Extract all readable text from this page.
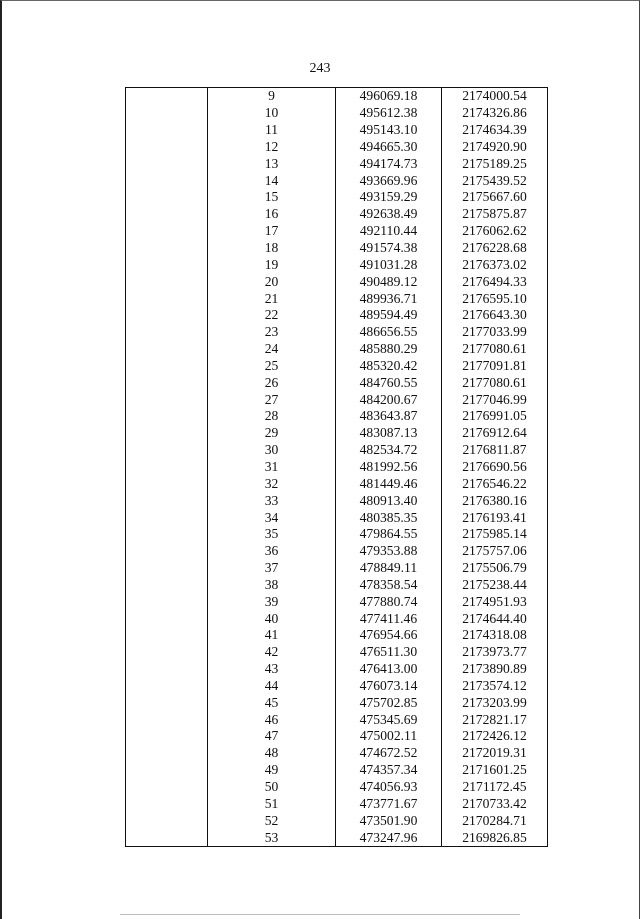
243
	9	496069.18	2174000.54
	10	495612.38	2174326.86
	11	495143.10	2174634.39
	12	494665.30	2174920.90
	13	494174.73	2175189.25
	14	493669.96	2175439.52
	15	493159.29	2175667.60
	16	492638.49	2175875.87
	17	492110.44	2176062.62
	18	491574.38	2176228.68
	19	491031.28	2176373.02
	20	490489.12	2176494.33
	21	489936.71	2176595.10
	22	489594.49	2176643.30
	23	486656.55	2177033.99
	24	485880.29	2177080.61
	25	485320.42	2177091.81
	26	484760.55	2177080.61
	27	484200.67	2177046.99
	28	483643.87	2176991.05
	29	483087.13	2176912.64
	30	482534.72	2176811.87
	31	481992.56	2176690.56
	32	481449.46	2176546.22
	33	480913.40	2176380.16
	34	480385.35	2176193.41
	35	479864.55	2175985.14
	36	479353.88	2175757.06
	37	478849.11	2175506.79
	38	478358.54	2175238.44
	39	477880.74	2174951.93
	40	477411.46	2174644.40
	41	476954.66	2174318.08
	42	476511.30	2173973.77
	43	476413.00	2173890.89
	44	476073.14	2173574.12
	45	475702.85	2173203.99
	46	475345.69	2172821.17
	47	475002.11	2172426.12
	48	474672.52	2172019.31
	49	474357.34	2171601.25
	50	474056.93	2171172.45
	51	473771.67	2170733.42
	52	473501.90	2170284.71
	53	473247.96	2169826.85
